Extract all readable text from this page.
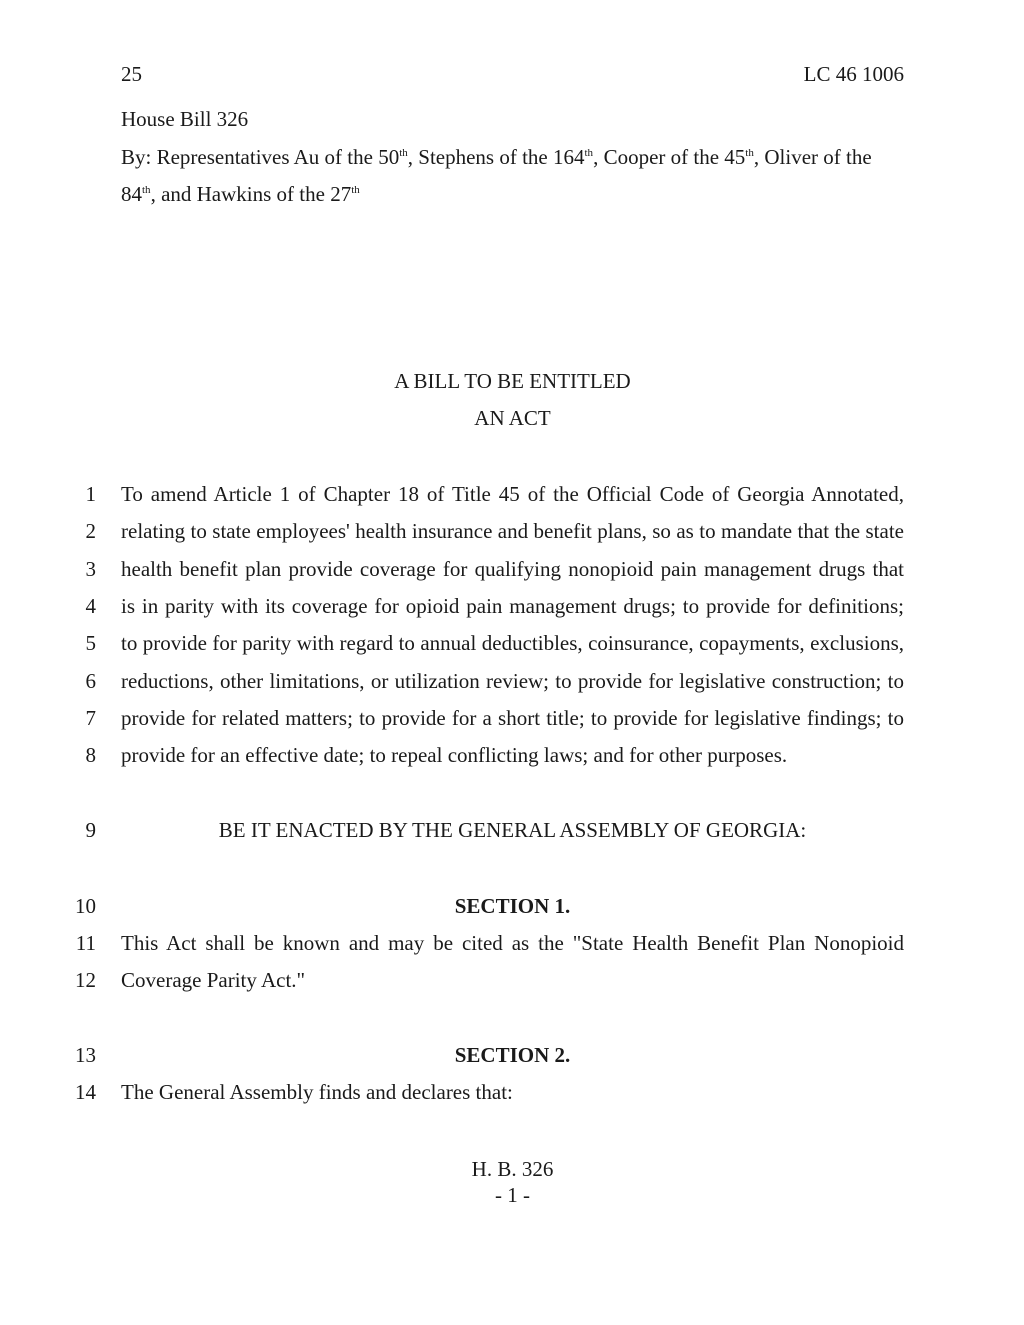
25	LC 46 1006
House Bill 326
By: Representatives Au of the 50th, Stephens of the 164th, Cooper of the 45th, Oliver of the
84th, and Hawkins of the 27th
A BILL TO BE ENTITLED
AN ACT
1 To amend Article 1 of Chapter 18 of Title 45 of the Official Code of Georgia Annotated,
2 relating to state employees' health insurance and benefit plans, so as to mandate that the state
3 health benefit plan provide coverage for qualifying nonopioid pain management drugs that
4 is in parity with its coverage for opioid pain management drugs; to provide for definitions;
5 to provide for parity with regard to annual deductibles, coinsurance, copayments, exclusions,
6 reductions, other limitations, or utilization review; to provide for legislative construction; to
7 provide for related matters; to provide for a short title; to provide for legislative findings; to
8 provide for an effective date; to repeal conflicting laws; and for other purposes.
9	BE IT ENACTED BY THE GENERAL ASSEMBLY OF GEORGIA:
10	SECTION 1.
11 This Act shall be known and may be cited as the "State Health Benefit Plan Nonopioid
12 Coverage Parity Act."
13	SECTION 2.
14 The General Assembly finds and declares that:
H. B. 326
- 1 -
